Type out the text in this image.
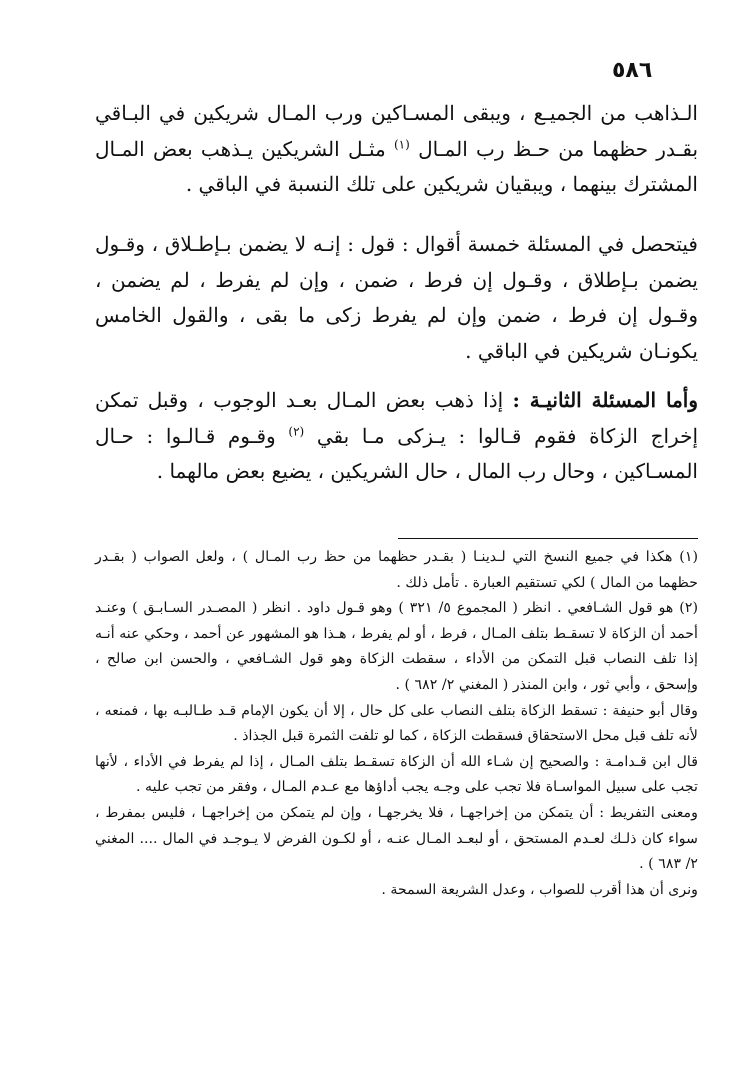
٥٨٦

الـذاهب من الجميـع ، ويبقى المسـاكين ورب المـال شريكين في البـاقي بقـدر حظهما من حـظ رب المـال $^{(١)}$ مثـل الشريكين يـذهب بعض المـال المشترك بينهما ، ويبقيان شريكين على تلك النسبة في الباقي .

فيتحصل في المسئلة خمسة أقوال : قول : إنـه لا يضمن بـإطـلاق ، وقـول يضمن بـإطلاق ، وقـول إن فرط ، ضمن ، وإن لم يفرط ، لم يضمن ، وقـول إن فرط ، ضمن وإن لم يفرط زكى ما بقى ، والقول الخامس يكونـان شريكين في الباقي .

وأما المسئلة الثانيـة : إذا ذهب بعض المـال بعـد الوجوب ، وقبل تمكن إخراج الزكاة فقوم قـالوا : يـزكى مـا بقي $^{(٢)}$ وقـوم قـالـوا : حـال المسـاكين ، وحال رب المال ، حال الشريكين ، يضيع بعض مالهما .

(١) هكذا في جميع النسخ التي لـدينـا ( بقـدر حظهما من حظ رب المـال ) ، ولعل الصواب ( بقـدر حظهما من المال ) لكي تستقيم العبارة . تأمل ذلك .

(٢) هو قول الشـافعي . انظر ( المجموع ٥/ ٣٢١ ) وهو قـول داود . انظر ( المصـدر السـابـق ) وعنـد أحمد أن الزكاة لا تسقـط بتلف المـال ، فرط ، أو لم يفرط ، هـذا هو المشهور عن أحمد ، وحكي عنه أنـه إذا تلف النصاب قبل التمكن من الأداء ، سقطت الزكاة وهو قول الشـافعي ، والحسن ابن صالح ، وإسحق ، وأبي ثور ، وابن المنذر ( المغني ٢/ ٦٨٢ ) .

وقال أبو حنيفة : تسقط الزكاة بتلف النصاب على كل حال ، إلا أن يكون الإمام قـد طـالبـه بها ، فمنعه ، لأنه تلف قبل محل الاستحقاق فسقطت الزكاة ، كما لو تلفت الثمرة قبل الجذاذ .

قال ابن قـدامـة : والصحيح إن شـاء الله أن الزكاة تسقـط بتلف المـال ، إذا لم يفرط في الأداء ، لأنها تجب على سبيل المواسـاة فلا تجب على وجـه يجب أداؤها مع عـدم المـال ، وفقر من تجب عليه .

ومعنى التفريط : أن يتمكن من إخراجهـا ، فلا يخرجهـا ، وإن لم يتمكن من إخراجهـا ، فليس بمفرط ، سواء كان ذلـك لعـدم المستحق ، أو لبعـد المـال عنـه ، أو لكـون الفرض لا يـوجـد في المال .... المغني ٢/ ٦٨٣ ) .

ونرى أن هذا أقرب للصواب ، وعدل الشريعة السمحة .
